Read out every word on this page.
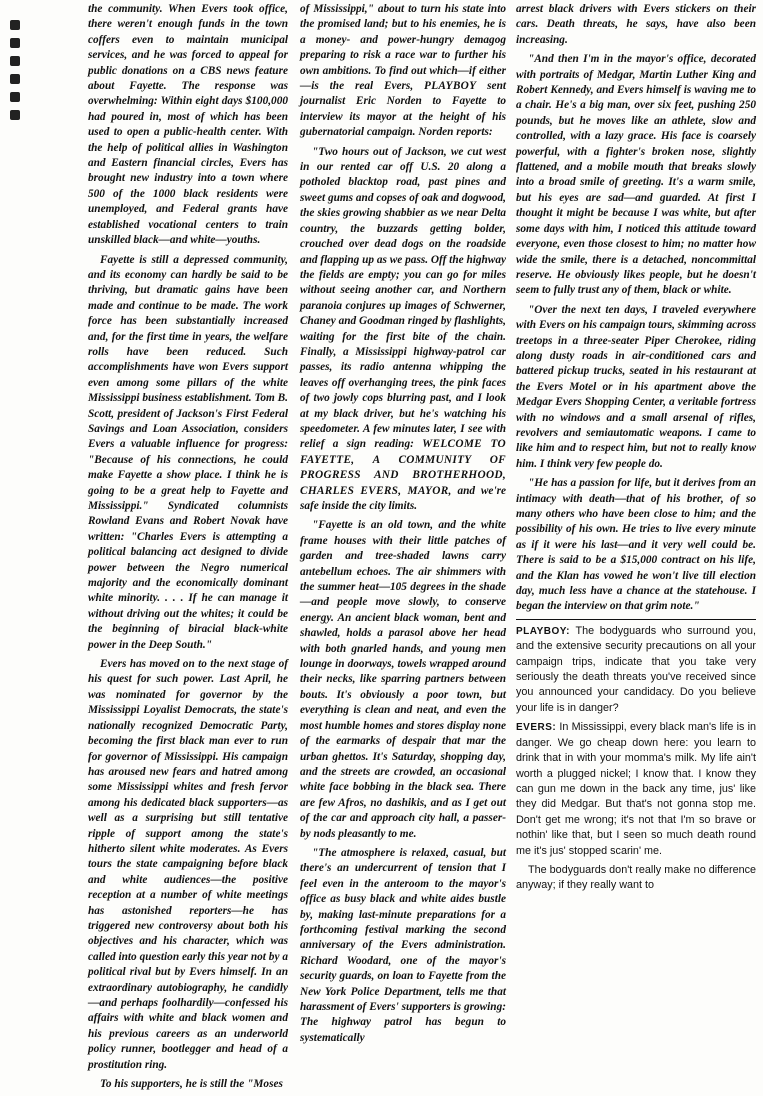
the community. When Evers took office, there weren't enough funds in the town coffers even to maintain municipal services, and he was forced to appeal for public donations on a CBS news feature about Fayette. The response was overwhelming: Within eight days $100,000 had poured in, most of which has been used to open a public-health center. With the help of political allies in Washington and Eastern financial circles, Evers has brought new industry into a town where 500 of the 1000 black residents were unemployed, and Federal grants have established vocational centers to train unskilled black—and white—youths.

Fayette is still a depressed community, and its economy can hardly be said to be thriving, but dramatic gains have been made and continue to be made. The work force has been substantially increased and, for the first time in years, the welfare rolls have been reduced. Such accomplishments have won Evers support even among some pillars of the white Mississippi business establishment. Tom B. Scott, president of Jackson's First Federal Savings and Loan Association, considers Evers a valuable influence for progress: "Because of his connections, he could make Fayette a show place. I think he is going to be a great help to Fayette and Mississippi." Syndicated columnists Rowland Evans and Robert Novak have written: "Charles Evers is attempting a political balancing act designed to divide power between the Negro numerical majority and the economically dominant white minority. . . . If he can manage it without driving out the whites; it could be the beginning of biracial black-white power in the Deep South."

Evers has moved on to the next stage of his quest for such power. Last April, he was nominated for governor by the Mississippi Loyalist Democrats, the state's nationally recognized Democratic Party, becoming the first black man ever to run for governor of Mississippi. His campaign has aroused new fears and hatred among some Mississippi whites and fresh fervor among his dedicated black supporters—as well as a surprising but still tentative ripple of support among the state's hitherto silent white moderates. As Evers tours the state campaigning before black and white audiences—the positive reception at a number of white meetings has astonished reporters—he has triggered new controversy about both his objectives and his character, which was called into question early this year not by a political rival but by Evers himself. In an extraordinary autobiography, he candidly—and perhaps foolhardily—confessed his affairs with white and black women and his previous careers as an underworld policy runner, bootlegger and head of a prostitution ring.

To his supporters, he is still the "Moses

of Mississippi," about to turn his state into the promised land; but to his enemies, he is a money- and power-hungry demagog preparing to risk a race war to further his own ambitions. To find out which—if either—is the real Evers, PLAYBOY sent journalist Eric Norden to Fayette to interview its mayor at the height of his gubernatorial campaign. Norden reports:

"Two hours out of Jackson, we cut west in our rented car off U.S. 20 along a potholed blacktop road, past pines and sweet gums and copses of oak and dogwood, the skies growing shabbier as we near Delta country, the buzzards getting bolder, crouched over dead dogs on the roadside and flapping up as we pass. Off the highway the fields are empty; you can go for miles without seeing another car, and Northern paranoia conjures up images of Schwerner, Chaney and Goodman ringed by flashlights, waiting for the first bite of the chain. Finally, a Mississippi highway-patrol car passes, its radio antenna whipping the leaves off overhanging trees, the pink faces of two jowly cops blurring past, and I look at my black driver, but he's watching his speedometer. A few minutes later, I see with relief a sign reading: WELCOME TO FAYETTE, A COMMUNITY OF PROGRESS AND BROTHERHOOD, CHARLES EVERS, MAYOR, and we're safe inside the city limits.

"Fayette is an old town, and the white frame houses with their little patches of garden and tree-shaded lawns carry antebellum echoes. The air shimmers with the summer heat—105 degrees in the shade—and people move slowly, to conserve energy. An ancient black woman, bent and shawled, holds a parasol above her head with both gnarled hands, and young men lounge in doorways, towels wrapped around their necks, like sparring partners between bouts. It's obviously a poor town, but everything is clean and neat, and even the most humble homes and stores display none of the earmarks of despair that mar the urban ghettos. It's Saturday, shopping day, and the streets are crowded, an occasional white face bobbing in the black sea. There are few Afros, no dashikis, and as I get out of the car and approach city hall, a passer-by nods pleasantly to me.

"The atmosphere is relaxed, casual, but there's an undercurrent of tension that I feel even in the anteroom to the mayor's office as busy black and white aides bustle by, making last-minute preparations for a forthcoming festival marking the second anniversary of the Evers administration. Richard Woodard, one of the mayor's security guards, on loan to Fayette from the New York Police Department, tells me that harassment of Evers' supporters is growing: The highway patrol has begun to systematically

arrest black drivers with Evers stickers on their cars. Death threats, he says, have also been increasing.

"And then I'm in the mayor's office, decorated with portraits of Medgar, Martin Luther King and Robert Kennedy, and Evers himself is waving me to a chair. He's a big man, over six feet, pushing 250 pounds, but he moves like an athlete, slow and controlled, with a lazy grace. His face is coarsely powerful, with a fighter's broken nose, slightly flattened, and a mobile mouth that breaks slowly into a broad smile of greeting. It's a warm smile, but his eyes are sad—and guarded. At first I thought it might be because I was white, but after some days with him, I noticed this attitude toward everyone, even those closest to him; no matter how wide the smile, there is a detached, noncommittal reserve. He obviously likes people, but he doesn't seem to fully trust any of them, black or white.

"Over the next ten days, I traveled everywhere with Evers on his campaign tours, skimming across treetops in a three-seater Piper Cherokee, riding along dusty roads in air-conditioned cars and battered pickup trucks, seated in his restaurant at the Evers Motel or in his apartment above the Medgar Evers Shopping Center, a veritable fortress with no windows and a small arsenal of rifles, revolvers and semiautomatic weapons. I came to like him and to respect him, but not to really know him. I think very few people do.

"He has a passion for life, but it derives from an intimacy with death—that of his brother, of so many others who have been close to him; and the possibility of his own. He tries to live every minute as if it were his last—and it very well could be. There is said to be a $15,000 contract on his life, and the Klan has vowed he won't live till election day, much less have a chance at the statehouse. I began the interview on that grim note."

PLAYBOY: The bodyguards who surround you, and the extensive security precautions on all your campaign trips, indicate that you take very seriously the death threats you've received since you announced your candidacy. Do you believe your life is in danger?

EVERS: In Mississippi, every black man's life is in danger. We go cheap down here: you learn to drink that in with your momma's milk. My life ain't worth a plugged nickel; I know that. I know they can gun me down in the back any time, jus' like they did Medgar. But that's not gonna stop me. Don't get me wrong; it's not that I'm so brave or nothin' like that, but I seen so much death round me it's jus' stopped scarin' me.

The bodyguards don't really make no difference anyway; if they really want to
